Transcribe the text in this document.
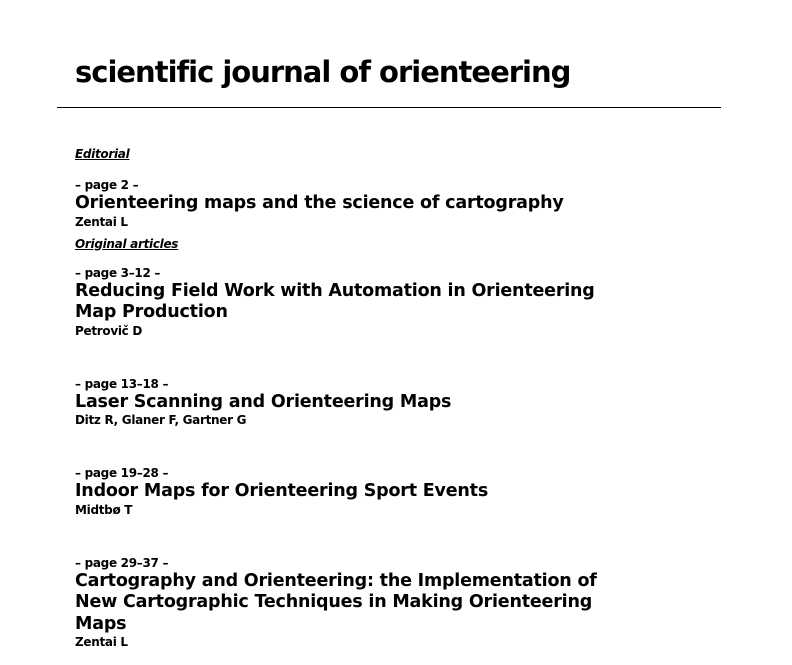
scientific journal of orienteering
Editorial
– page 2 –
Orienteering maps and the science of cartography
Zentai L
Original articles
– page 3–12 –
Reducing Field Work with Automation in Orienteering Map Production
Petrovič D
– page 13–18 –
Laser Scanning and Orienteering Maps
Ditz R, Glaner F, Gartner G
– page 19–28 –
Indoor Maps for Orienteering Sport Events
Midtbø T
– page 29–37 –
Cartography and Orienteering: the Implementation of New Cartographic Techniques in Making Orienteering Maps
Zentai L
